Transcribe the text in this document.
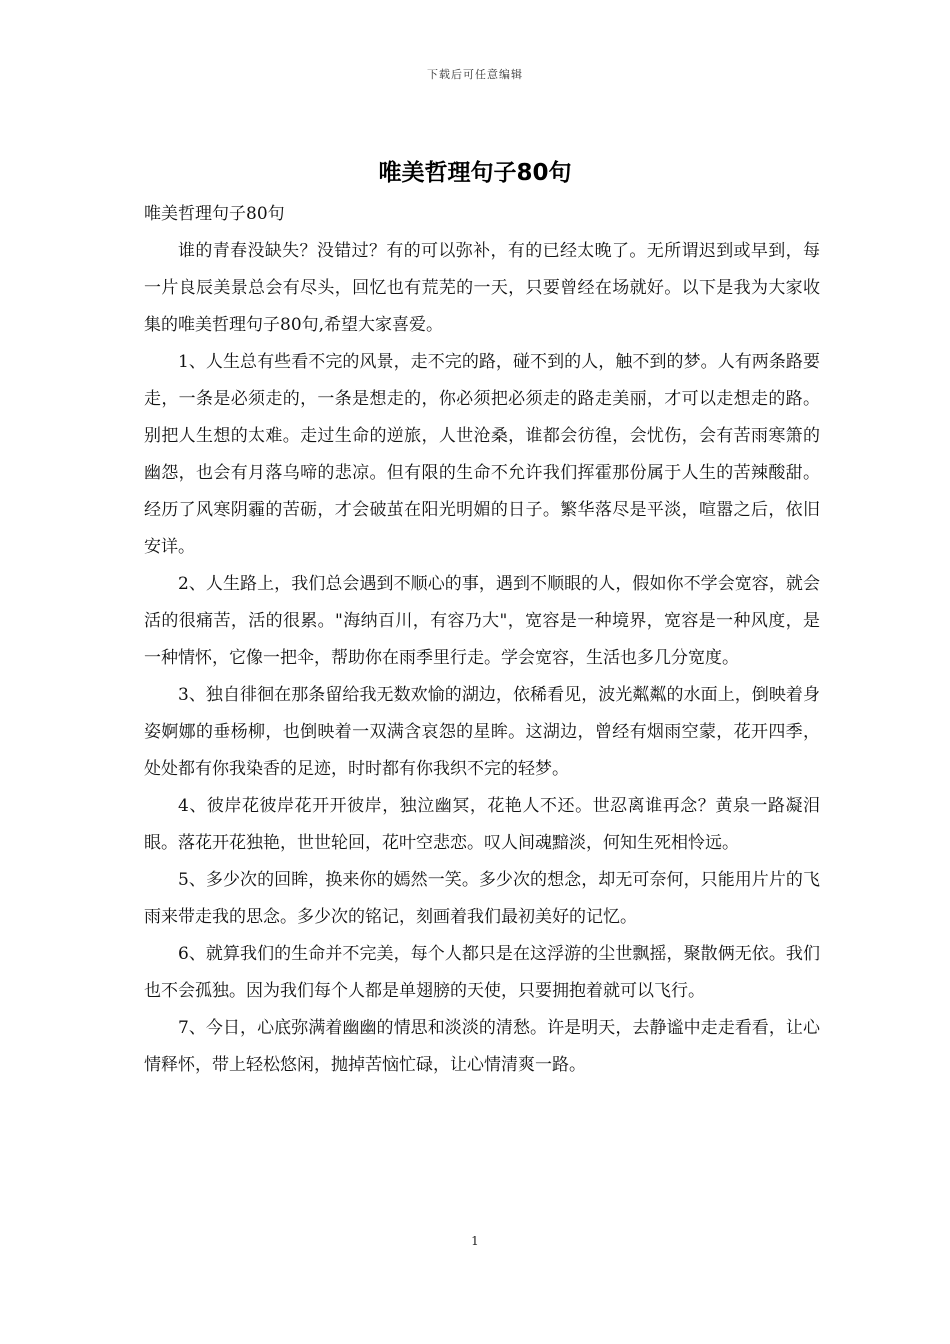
下载后可任意编辑
唯美哲理句子80句

唯美哲理句子80句

谁的青春没缺失？没错过？有的可以弥补，有的已经太晚了。无所谓迟到或早到，每一片良辰美景总会有尽头，回忆也有荒芜的一天，只要曾经在场就好。以下是我为大家收集的唯美哲理句子80句,希望大家喜爱。

1、人生总有些看不完的风景，走不完的路，碰不到的人，触不到的梦。人有两条路要走，一条是必须走的，一条是想走的，你必须把必须走的路走美丽，才可以走想走的路。别把人生想的太难。走过生命的逆旅，人世沧桑，谁都会彷徨，会忧伤，会有苦雨寒箫的幽怨，也会有月落乌啼的悲凉。但有限的生命不允许我们挥霍那份属于人生的苦辣酸甜。经历了风寒阴霾的苦砺，才会破茧在阳光明媚的日子。繁华落尽是平淡，喧嚣之后，依旧安详。

2、人生路上，我们总会遇到不顺心的事，遇到不顺眼的人，假如你不学会宽容，就会活的很痛苦，活的很累。"海纳百川，有容乃大"，宽容是一种境界，宽容是一种风度，是一种情怀，它像一把伞，帮助你在雨季里行走。学会宽容，生活也多几分宽度。

3、独自徘徊在那条留给我无数欢愉的湖边，依稀看见，波光粼粼的水面上，倒映着身姿婀娜的垂杨柳，也倒映着一双满含哀怨的星眸。这湖边，曾经有烟雨空蒙，花开四季，处处都有你我染香的足迹，时时都有你我织不完的轻梦。

4、彼岸花彼岸花开开彼岸，独泣幽冥，花艳人不还。世忍离谁再念？黄泉一路凝泪眼。落花开花独艳，世世轮回，花叶空悲恋。叹人间魂黯淡，何知生死相怜远。

5、多少次的回眸，换来你的嫣然一笑。多少次的想念，却无可奈何，只能用片片的飞雨来带走我的思念。多少次的铭记，刻画着我们最初美好的记忆。

6、就算我们的生命并不完美，每个人都只是在这浮游的尘世飘摇，聚散俩无依。我们也不会孤独。因为我们每个人都是单翅膀的天使，只要拥抱着就可以飞行。

7、今日，心底弥满着幽幽的情思和淡淡的清愁。许是明天，去静谧中走走看看，让心情释怀，带上轻松悠闲，抛掉苦恼忙碌，让心情清爽一路。

1
